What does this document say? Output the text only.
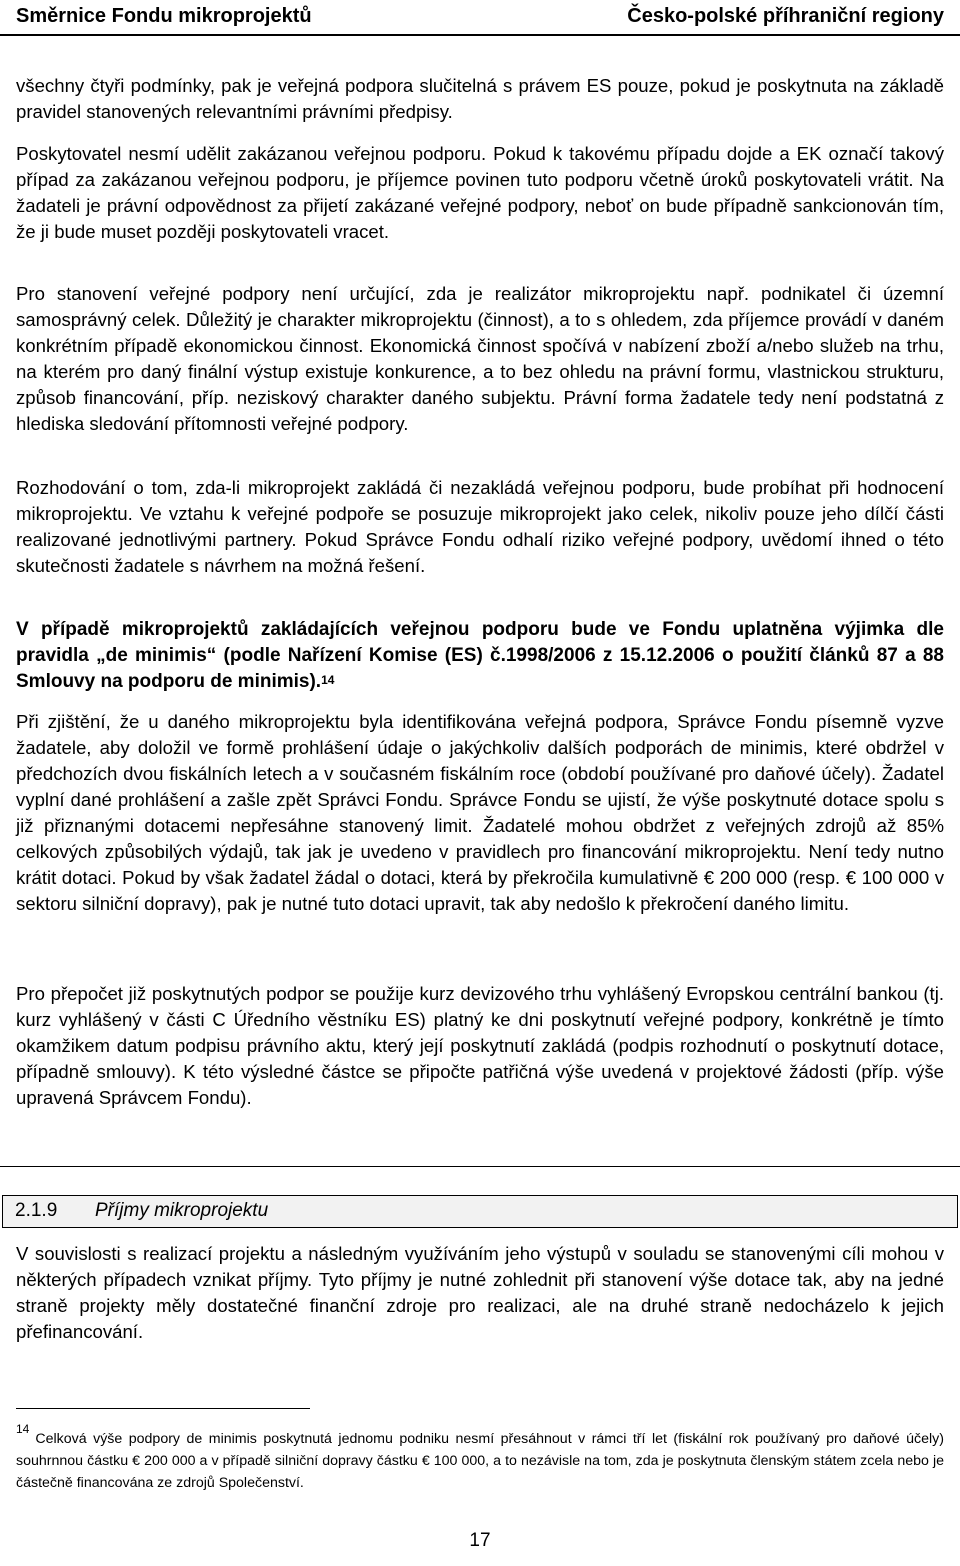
Směrnice Fondu mikroprojektů	Česko-polské příhraniční regiony

všechny čtyři podmínky, pak je veřejná podpora slučitelná s právem ES pouze, pokud je poskytnuta na základě pravidel stanovených relevantními právními předpisy.

Poskytovatel nesmí udělit zakázanou veřejnou podporu. Pokud k takovému případu dojde a EK označí takový případ za zakázanou veřejnou podporu, je příjemce povinen tuto podporu včetně úroků poskytovateli vrátit. Na žadateli je právní odpovědnost za přijetí zakázané veřejné podpory, neboť on bude případně sankcionován tím, že ji bude muset později poskytovateli vracet.

Pro stanovení veřejné podpory není určující, zda je realizátor mikroprojektu např. podnikatel či územní samosprávný celek. Důležitý je charakter mikroprojektu (činnost), a to s ohledem, zda příjemce provádí v daném konkrétním případě ekonomickou činnost. Ekonomická činnost spočívá v nabízení zboží a/nebo služeb na trhu, na kterém pro daný finální výstup existuje konkurence, a to bez ohledu na právní formu, vlastnickou strukturu, způsob financování, příp. neziskový charakter daného subjektu. Právní forma žadatele tedy není podstatná z hlediska sledování přítomnosti veřejné podpory.

Rozhodování o tom, zda-li mikroprojekt zakládá či nezakládá veřejnou podporu, bude probíhat při hodnocení mikroprojektu. Ve vztahu k veřejné podpoře se posuzuje mikroprojekt jako celek, nikoliv pouze jeho dílčí části realizované jednotlivými partnery. Pokud Správce Fondu odhalí riziko veřejné podpory, uvědomí ihned o této skutečnosti žadatele s návrhem na možná řešení.

V případě mikroprojektů zakládajících veřejnou podporu bude ve Fondu uplatněna výjimka dle pravidla „de minimis“ (podle Nařízení Komise (ES) č.1998/2006 z 15.12.2006 o použití článků 87 a 88 Smlouvy na podporu de minimis).$^{14}$

Při zjištění, že u daného mikroprojektu byla identifikována veřejná podpora, Správce Fondu písemně vyzve žadatele, aby doložil ve formě prohlášení údaje o jakýchkoliv dalších podporách de minimis, které obdržel v předchozích dvou fiskálních letech a v současném fiskálním roce (období používané pro daňové účely). Žadatel vyplní dané prohlášení a zašle zpět Správci Fondu. Správce Fondu se ujistí, že výše poskytnuté dotace spolu s již přiznanými dotacemi nepřesáhne stanovený limit. Žadatelé mohou obdržet z veřejných zdrojů až 85% celkových způsobilých výdajů, tak jak je uvedeno v pravidlech pro financování mikroprojektu. Není tedy nutno krátit dotaci. Pokud by však žadatel žádal o dotaci, která by překročila kumulativně € 200 000 (resp. € 100 000 v sektoru silniční dopravy), pak je nutné tuto dotaci upravit, tak aby nedošlo k překročení daného limitu.

Pro přepočet již poskytnutých podpor se použije kurz devizového trhu vyhlášený Evropskou centrální bankou (tj. kurz vyhlášený v části C Úředního věstníku ES) platný ke dni poskytnutí veřejné podpory, konkrétně je tímto okamžikem datum podpisu právního aktu, který její poskytnutí zakládá (podpis rozhodnutí o poskytnutí dotace, případně smlouvy). K této výsledné částce se připočte patřičná výše uvedená v projektové žádosti (příp. výše upravená Správcem Fondu).

2.1.9 Příjmy mikroprojektu

V souvislosti s realizací projektu a následným využíváním jeho výstupů v souladu se stanovenými cíli mohou v některých případech vznikat příjmy. Tyto příjmy je nutné zohlednit při stanovení výše dotace tak, aby na jedné straně projekty měly dostatečné finanční zdroje pro realizaci, ale na druhé straně nedocházelo k jejich přefinancování.

$^{14}$Celková výše podpory de minimis poskytnutá jednomu podniku nesmí přesáhnout v rámci tří let (fiskální rok používaný pro daňové účely) souhrnnou částku € 200 000 a v případě silniční dopravy částku € 100 000, a to nezávisle na tom, zda je poskytnuta členským státem zcela nebo je částečně financována ze zdrojů Společenství.

17
